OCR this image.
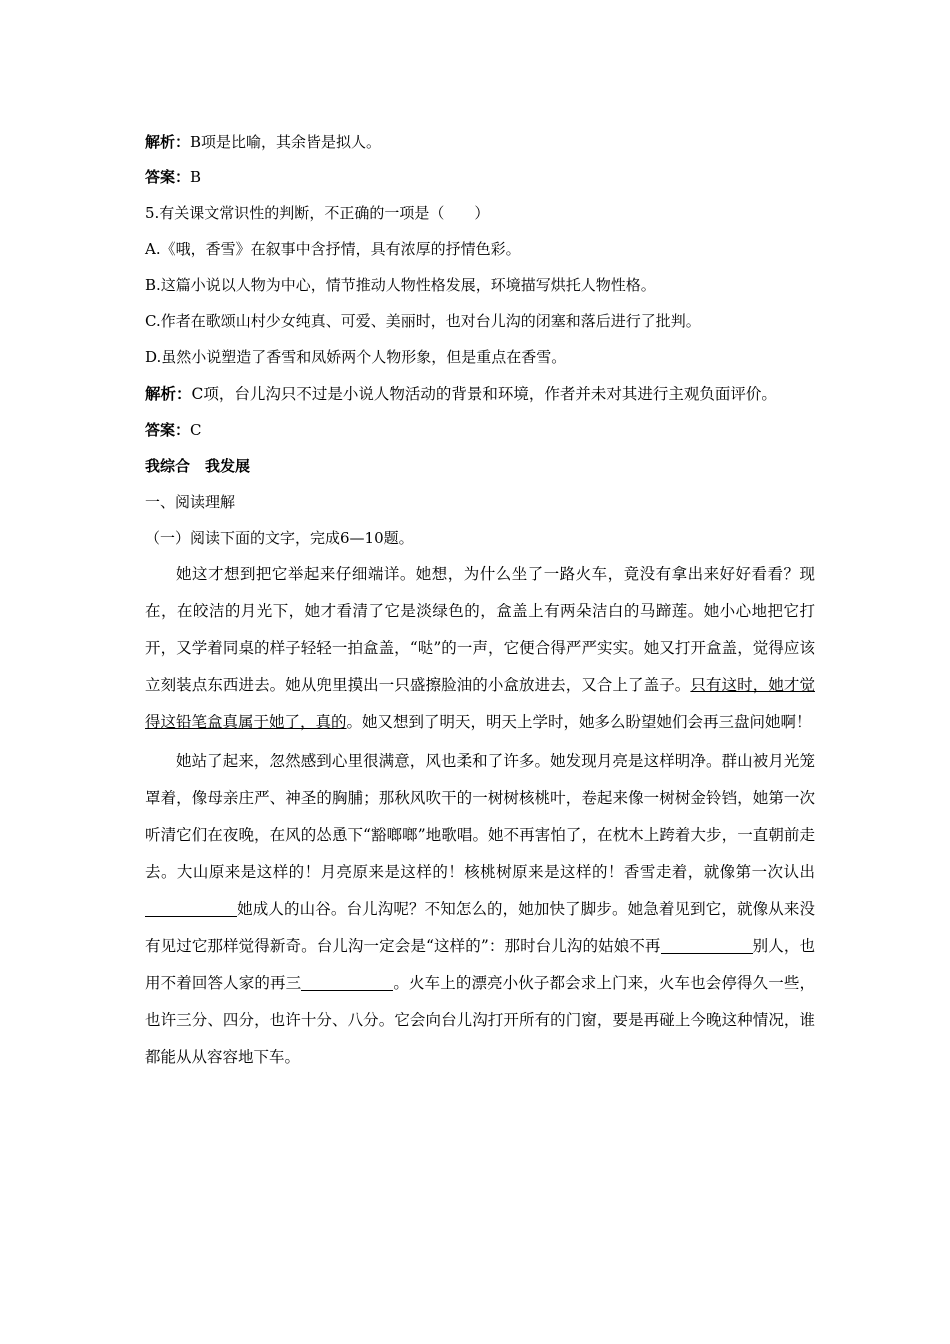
解析：B项是比喻，其余皆是拟人。

答案：B

5.有关课文常识性的判断，不正确的一项是（　　）

A.《哦，香雪》在叙事中含抒情，具有浓厚的抒情色彩。

B.这篇小说以人物为中心，情节推动人物性格发展，环境描写烘托人物性格。

C.作者在歌颂山村少女纯真、可爱、美丽时，也对台儿沟的闭塞和落后进行了批判。

D.虽然小说塑造了香雪和凤娇两个人物形象，但是重点在香雪。

解析：C项，台儿沟只不过是小说人物活动的背景和环境，作者并未对其进行主观负面评价。

答案：C

我综合　我发展

一、阅读理解

（一）阅读下面的文字，完成6—10题。

她这才想到把它举起来仔细端详。她想，为什么坐了一路火车，竟没有拿出来好好看看？现在，在皎洁的月光下，她才看清了它是淡绿色的，盒盖上有两朵洁白的马蹄莲。她小心地把它打开，又学着同桌的样子轻轻一拍盒盖，“哒”的一声，它便合得严严实实。她又打开盒盖，觉得应该立刻装点东西进去。她从兜里摸出一只盛擦脸油的小盒放进去，又合上了盖子。只有这时，她才觉得这铅笔盒真属于她了，真的。她又想到了明天，明天上学时，她多么盼望她们会再三盘问她啊！

她站了起来，忽然感到心里很满意，风也柔和了许多。她发现月亮是这样明净。群山被月光笼罩着，像母亲庄严、神圣的胸脯；那秋风吹干的一树树核桃叶，卷起来像一树树金铃铛，她第一次听清它们在夜晚，在风的怂恿下“豁啷啷”地歌唱。她不再害怕了，在枕木上跨着大步，一直朝前走去。大山原来是这样的！月亮原来是这样的！核桃树原来是这样的！香雪走着，就像第一次认出她成人的山谷。台儿沟呢？不知怎么的，她加快了脚步。她急着见到它，就像从来没有见过它那样觉得新奇。台儿沟一定会是“这样的”：那时台儿沟的姑娘不再	别人，也用不着回答人家的再三	。火车上的漂亮小伙子都会求上门来，火车也会停得久一些，也许三分、四分，也许十分、八分。它会向台儿沟打开所有的门窗，要是再碰上今晚这种情况，谁都能从从容容地下车。
